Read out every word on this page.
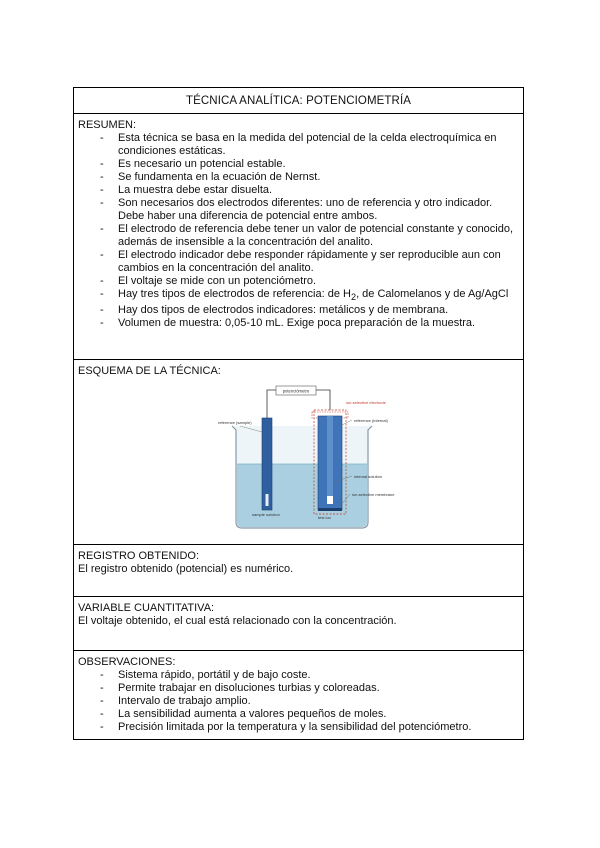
TÉCNICA ANALÍTICA: POTENCIOMETRÍA
RESUMEN:
- Esta técnica se basa en la medida del potencial de la celda electroquímica en condiciones estáticas.
- Es necesario un potencial estable.
- Se fundamenta en la ecuación de Nernst.
- La muestra debe estar disuelta.
- Son necesarios dos electrodos diferentes: uno de referencia y otro indicador. Debe haber una diferencia de potencial entre ambos.
- El electrodo de referencia debe tener un valor de potencial constante y conocido, además de insensible a la concentración del analito.
- El electrodo indicador debe responder rápidamente y ser reproducible aun con cambios en la concentración del analito.
- El voltaje se mide con un potenciómetro.
- Hay tres tipos de electrodos de referencia: de $H_2$, de Calomelanos y de Ag/AgCl
- Hay dos tipos de electrodos indicadores: metálicos y de membrana.
- Volumen de muestra: 0,05-10 mL. Exige poca preparación de la muestra.
ESQUEMA DE LA TÉCNICA:
potenciómetro
reference (sample)
ion-selective electrode
reference (internal)
internal solution
ion-selective membrane
sample solution
test ion
REGISTRO OBTENIDO:

El registro obtenido (potencial) es numérico.

VARIABLE CUANTITATIVA:

El voltaje obtenido, el cual está relacionado con la concentración.

OBSERVACIONES:
- Sistema rápido, portátil y de bajo coste.
- Permite trabajar en disoluciones turbias y coloreadas.
- Intervalo de trabajo amplio.
- La sensibilidad aumenta a valores pequeños de moles.
- Precisión limitada por la temperatura y la sensibilidad del potenciómetro.
